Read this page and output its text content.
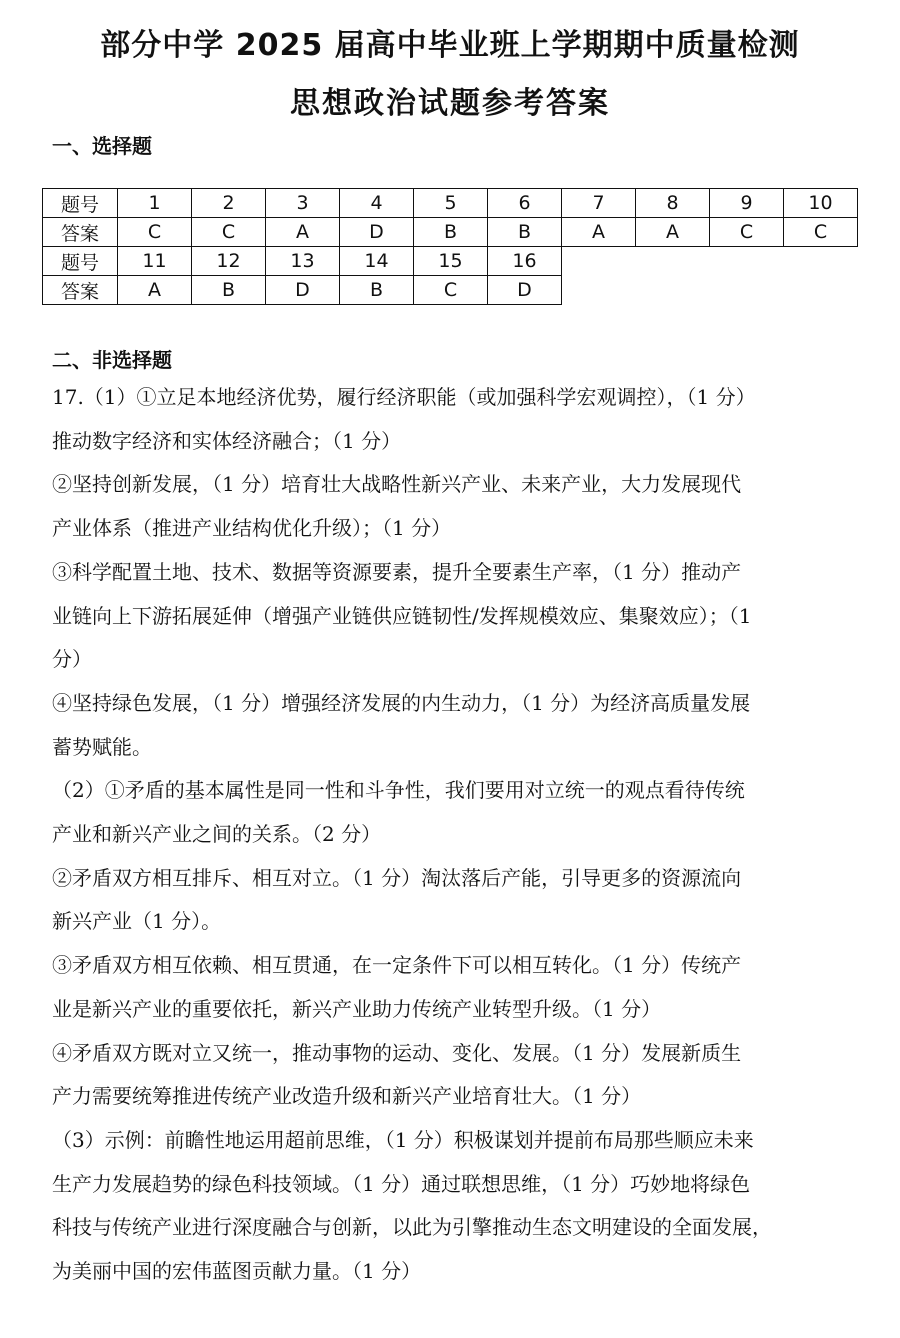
部分中学 2025 届高中毕业班上学期期中质量检测
思想政治试题参考答案
一、选择题
题号	1	2	3	4	5	6	7	8	9	10
答案	C	C	A	D	B	B	A	A	C	C
题号	11	12	13	14	15	16				
答案	A	B	D	B	C	D				
二、非选择题

17.（1）①立足本地经济优势，履行经济职能（或加强科学宏观调控），（1 分）

推动数字经济和实体经济融合；（1 分）

②坚持创新发展，（1 分）培育壮大战略性新兴产业、未来产业，大力发展现代

产业体系（推进产业结构优化升级）；（1 分）

③科学配置土地、技术、数据等资源要素，提升全要素生产率，（1 分）推动产

业链向上下游拓展延伸（增强产业链供应链韧性/发挥规模效应、集聚效应）；（1

分）

④坚持绿色发展，（1 分）增强经济发展的内生动力，（1 分）为经济高质量发展

蓄势赋能。

（2）①矛盾的基本属性是同一性和斗争性，我们要用对立统一的观点看待传统

产业和新兴产业之间的关系。（2 分）

②矛盾双方相互排斥、相互对立。（1 分）淘汰落后产能，引导更多的资源流向

新兴产业（1 分）。

③矛盾双方相互依赖、相互贯通，在一定条件下可以相互转化。（1 分）传统产

业是新兴产业的重要依托，新兴产业助力传统产业转型升级。（1 分）

④矛盾双方既对立又统一，推动事物的运动、变化、发展。（1 分）发展新质生

产力需要统筹推进传统产业改造升级和新兴产业培育壮大。（1 分）

（3）示例：前瞻性地运用超前思维，（1 分）积极谋划并提前布局那些顺应未来

生产力发展趋势的绿色科技领域。（1 分）通过联想思维，（1 分）巧妙地将绿色

科技与传统产业进行深度融合与创新，以此为引擎推动生态文明建设的全面发展，

为美丽中国的宏伟蓝图贡献力量。（1 分）
